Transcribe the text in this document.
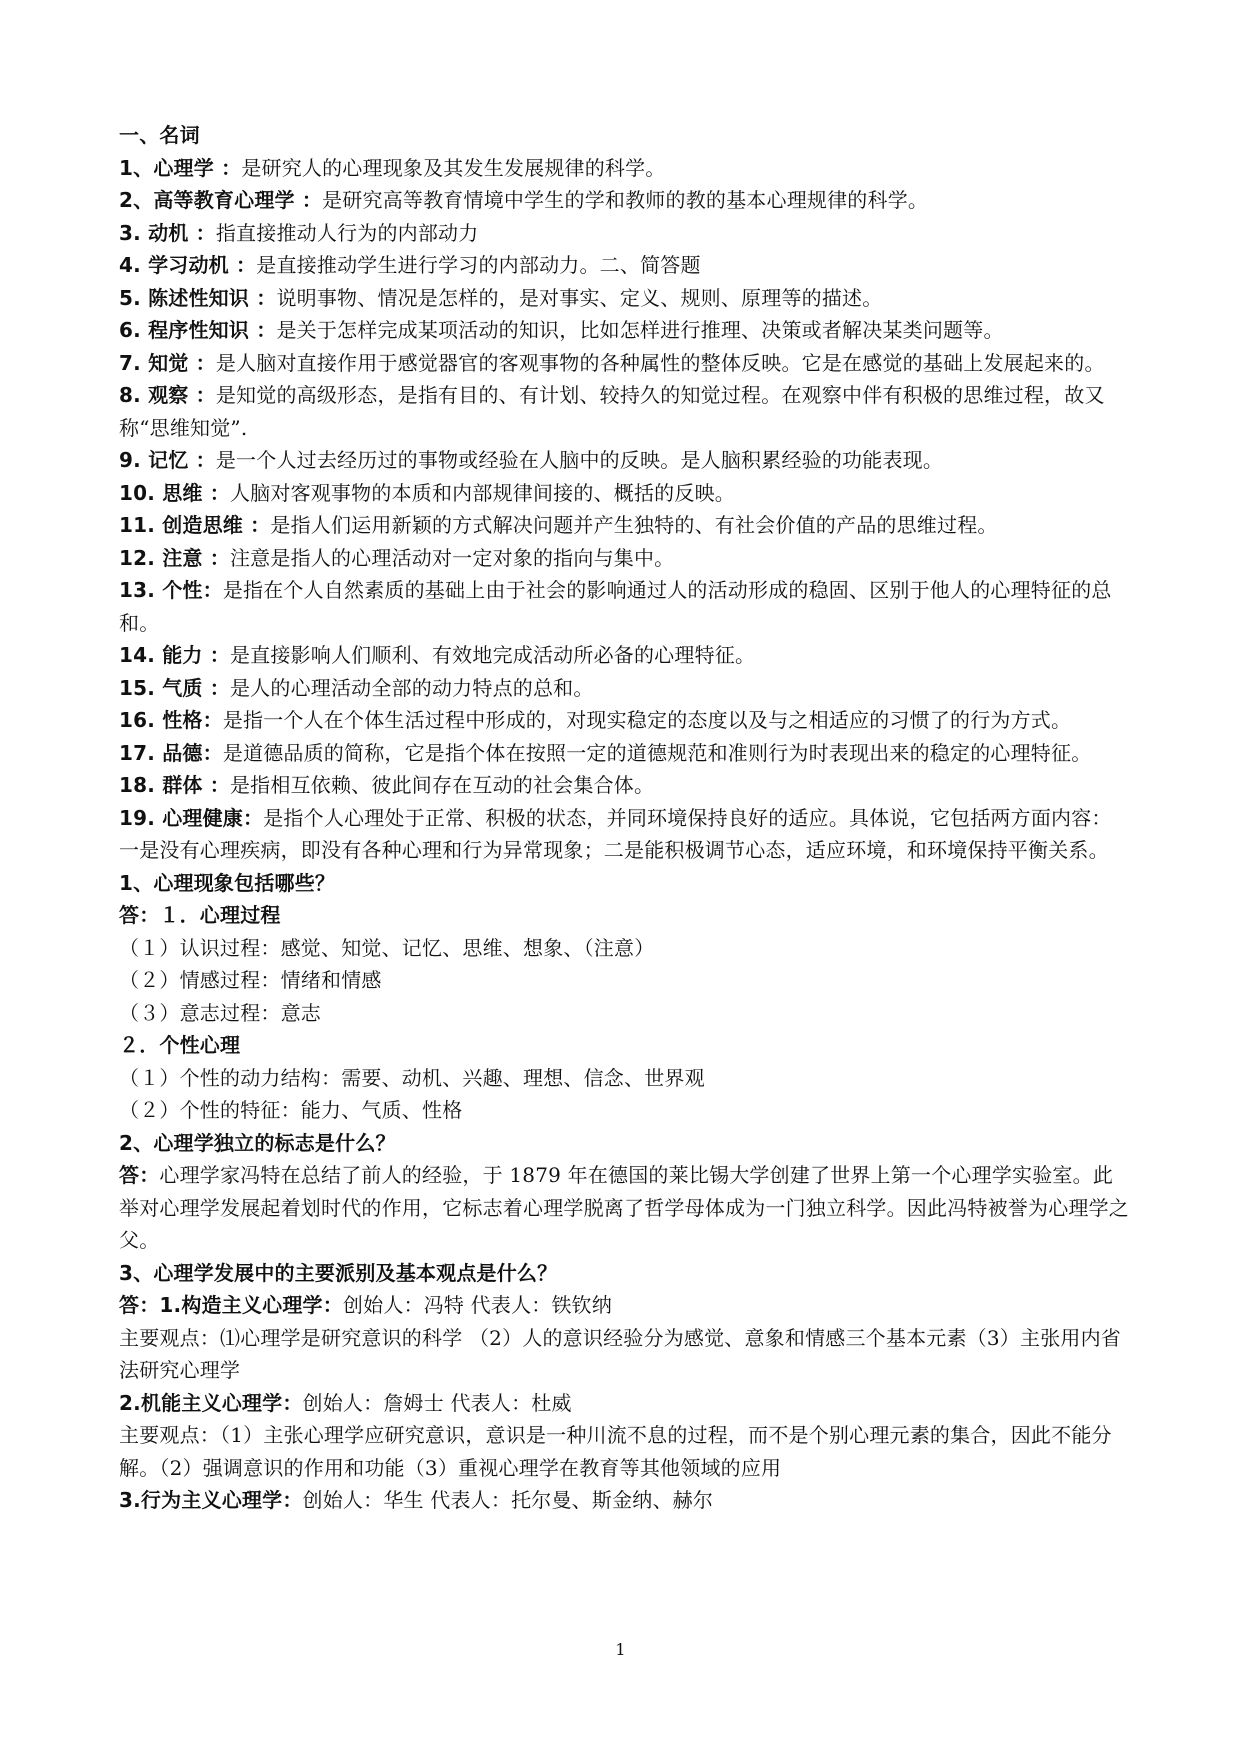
一、名词

1、心理学 ：是研究人的心理现象及其发生发展规律的科学。

2、高等教育心理学 ：是研究高等教育情境中学生的学和教师的教的基本心理规律的科学。

3. 动机 ：指直接推动人行为的内部动力

4. 学习动机 ：是直接推动学生进行学习的内部动力。二、简答题

5. 陈述性知识 ：说明事物、情况是怎样的，是对事实、定义、规则、原理等的描述。

6. 程序性知识 ：是关于怎样完成某项活动的知识，比如怎样进行推理、决策或者解决某类问题等。

7. 知觉 ：是人脑对直接作用于感觉器官的客观事物的各种属性的整体反映。它是在感觉的基础上发展起来的。

8. 观察 ：是知觉的高级形态，是指有目的、有计划、较持久的知觉过程。在观察中伴有积极的思维过程，故又称“思维知觉”.

9. 记忆 ：是一个人过去经历过的事物或经验在人脑中的反映。是人脑积累经验的功能表现。

10. 思维 ：人脑对客观事物的本质和内部规律间接的、概括的反映。

11. 创造思维 ：是指人们运用新颖的方式解决问题并产生独特的、有社会价值的产品的思维过程。

12. 注意 ：注意是指人的心理活动对一定对象的指向与集中。

13. 个性：是指在个人自然素质的基础上由于社会的影响通过人的活动形成的稳固、区别于他人的心理特征的总和。

14. 能力 ：是直接影响人们顺利、有效地完成活动所必备的心理特征。

15. 气质 ：是人的心理活动全部的动力特点的总和。

16. 性格：是指一个人在个体生活过程中形成的，对现实稳定的态度以及与之相适应的习惯了的行为方式。

17. 品德：是道德品质的简称，它是指个体在按照一定的道德规范和准则行为时表现出来的稳定的心理特征。

18. 群体 ：是指相互依赖、彼此间存在互动的社会集合体。

19. 心理健康：是指个人心理处于正常、积极的状态，并同环境保持良好的适应。具体说，它包括两方面内容：一是没有心理疾病，即没有各种心理和行为异常现象；二是能积极调节心态，适应环境，和环境保持平衡关系。

1、心理现象包括哪些？

答：１．心理过程

（１）认识过程：感觉、知觉、记忆、思维、想象、（注意）

（２）情感过程：情绪和情感

（３）意志过程：意志

２．个性心理

（１）个性的动力结构：需要、动机、兴趣、理想、信念、世界观

（２）个性的特征：能力、气质、性格

2、心理学独立的标志是什么？

答：心理学家冯特在总结了前人的经验，于 1879 年在德国的莱比锡大学创建了世界上第一个心理学实验室。此举对心理学发展起着划时代的作用，它标志着心理学脱离了哲学母体成为一门独立科学。因此冯特被誉为心理学之父。

3、心理学发展中的主要派别及基本观点是什么？

答：1.构造主义心理学：创始人：冯特 代表人：铁钦纳

主要观点：⑴心理学是研究意识的科学 （2）人的意识经验分为感觉、意象和情感三个基本元素（3）主张用内省法研究心理学

2.机能主义心理学：创始人：詹姆士 代表人：杜威

主要观点：（1）主张心理学应研究意识，意识是一种川流不息的过程，而不是个别心理元素的集合，因此不能分解。（2）强调意识的作用和功能（3）重视心理学在教育等其他领域的应用

3.行为主义心理学：创始人：华生 代表人：托尔曼、斯金纳、赫尔

1
